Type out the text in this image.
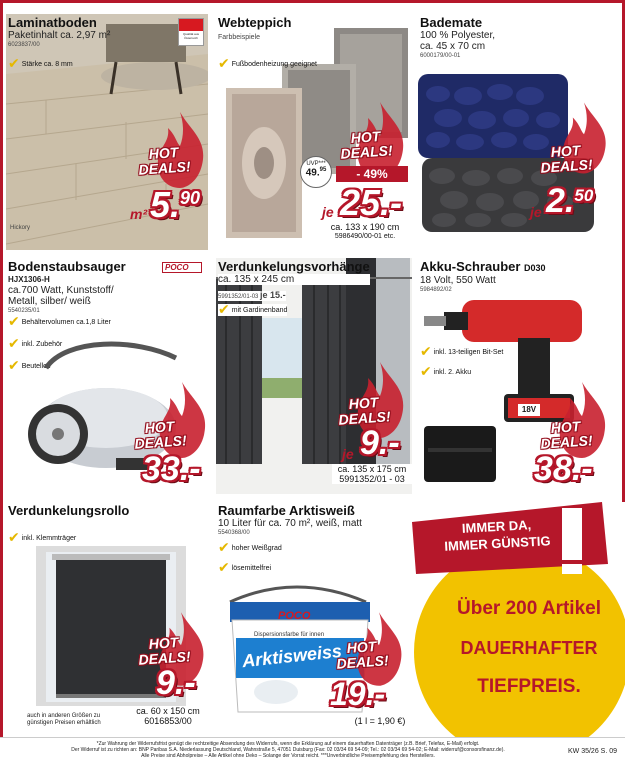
Laminatboden
Paketinhalt ca. 2,97 m²
6023837/00
Qualität aus Österreich
✔ Stärke ca. 8 mm
Hickory
HOT
DEALS!
m² 5.90
Webteppich
Farbbeispiele
✔ Fußbodenheizung geeignet
UVP***
49.95
HOT
DEALS!
- 49%
je 25.-
ca. 133 x 190 cm
5986490/00-01 etc.
Bademate
100 % Polyester,
ca. 45 x 70 cm
6000179/00-01
HOT
DEALS!
je 2.50
Bodenstaubsauger
HJX1306-H
ca.700 Watt, Kunststoff/
Metall, silber/ weiß
5540235/01
POCO
✔ Behältervolumen ca.1,8 Liter
✔ inkl. Zubehör
✔ Beutellos
HOT
DEALS!
33.-
Verdunkelungsvorhänge
ca. 135 x 245 cm
5991352/01-03 je 15.-
✔ mit Gardinenband
HOT
DEALS!
je 9.-
ca. 135 x 175 cm
5991352/01 - 03
Akku-Schrauber D030
18 Volt, 550 Watt
5984892/02
18V
✔ inkl. 13-teiligen Bit-Set
✔ inkl. 2. Akku
HOT
DEALS!
38.-
Verdunkelungsrollo
✔ inkl. Klemmträger
auch in anderen Größen zu
günstigen Preisen erhältlich
HOT
DEALS!
9.-
ca. 60 x 150 cm
6016853/00
Raumfarbe Arktisweiß
10 Liter für ca. 70 m², weiß, matt
5540368/00
✔ hoher Weißgrad
✔ lösemittelfrei
POCO
Dispersionsfarbe für innen
Arktisweiss HOT
DEALS!
19.-
(1 l = 1,90 €)
IMMER DA,
IMMER GÜNSTIG
Über 200 Artikel
DAUERHAFTER
TIEFPREIS.
*Zur Wahrung der Widerrufsfrist genügt die rechtzeitige Absendung des Widerrufs, wenn die Erklärung auf einem dauerhaften Datenträger (z.B. Brief, Telefax, E-Mail) erfolgt.
Der Widerruf ist zu richten an: BNP Paribas S.A. Niederlassung Deutschland, Wahnstraße 5, 47051 Duisburg (Fax: 02 03/34 69 54-09; Tel.: 02 03/34 69 54-02; E-Mail: widerruf@consorsfinanz.de).
Alle Preise sind Abholpreise – Alle Artikel ohne Deko – Solange der Vorrat reicht. ***Unverbindliche Preisempfehlung des Herstellers.
KW 35/26 S. 09
